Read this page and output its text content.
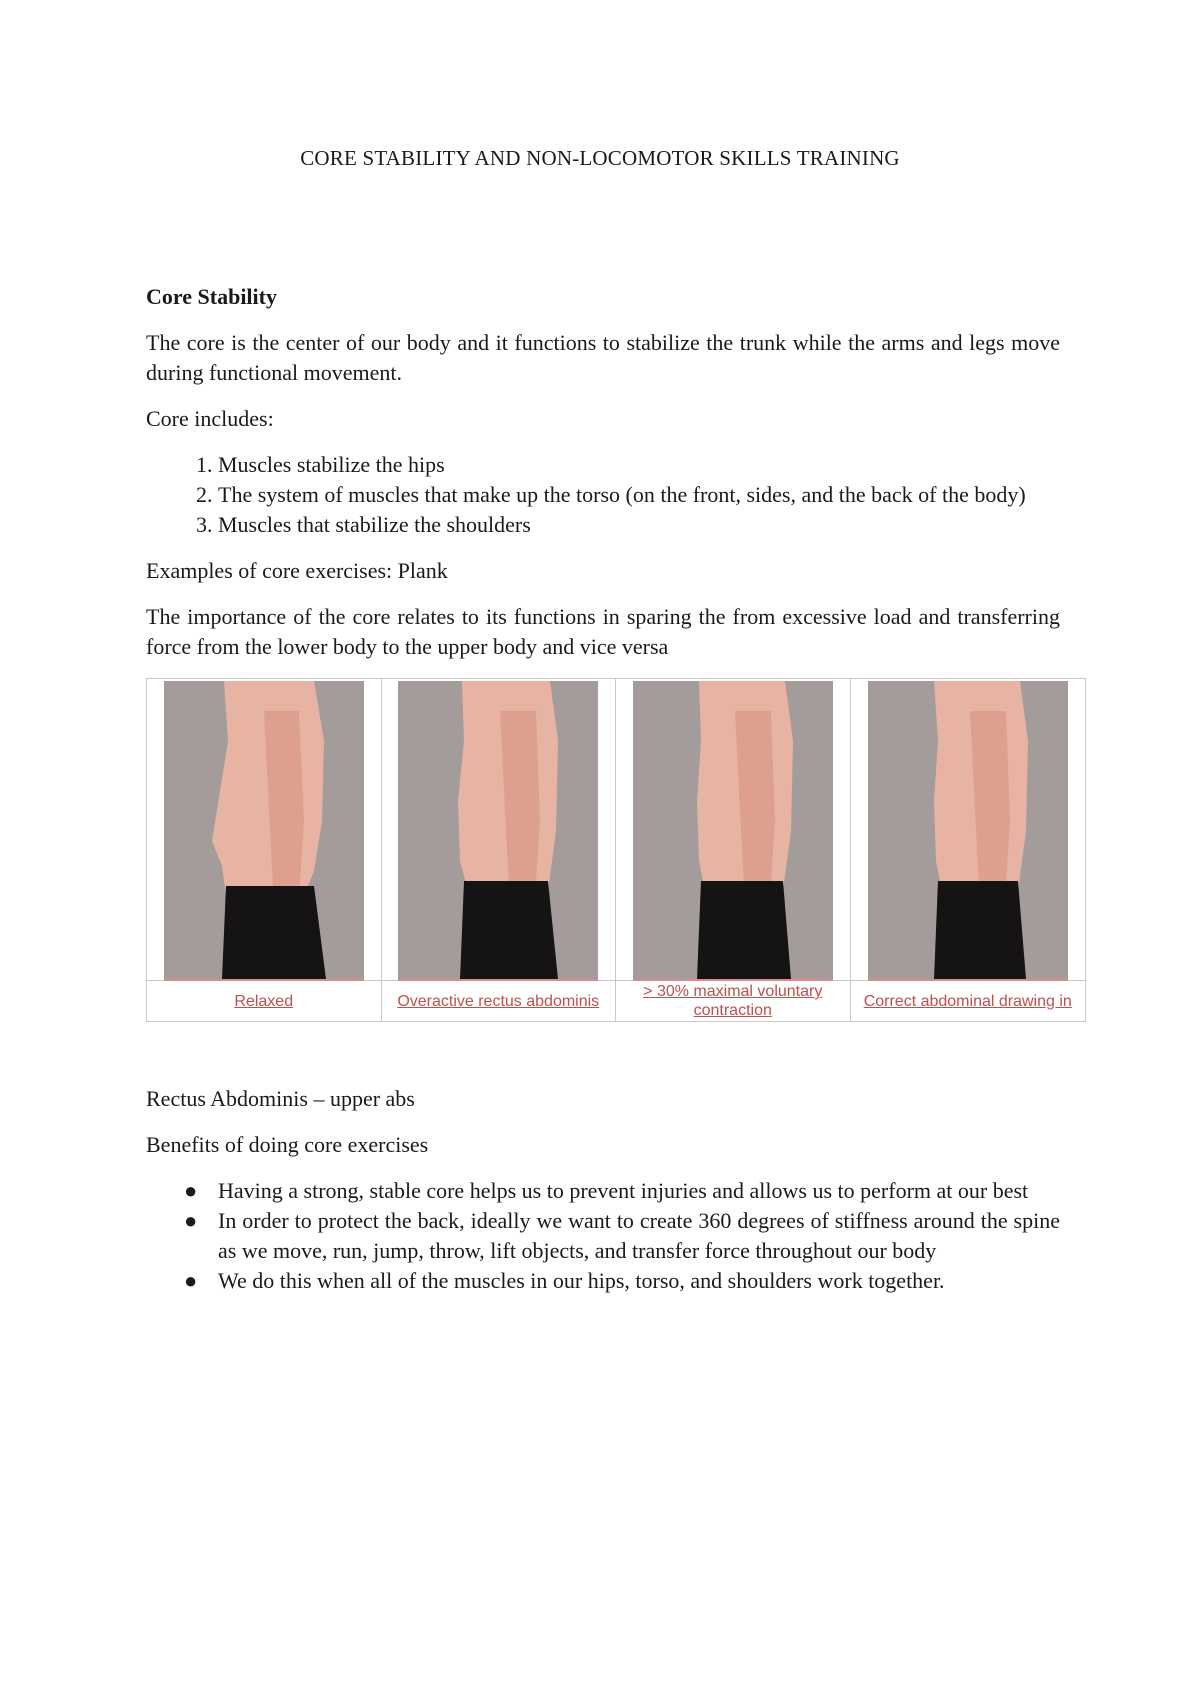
CORE STABILITY AND NON-LOCOMOTOR SKILLS TRAINING
Core Stability

The core is the center of our body and it functions to stabilize the trunk while the arms and legs move during functional movement.

Core includes:

1. Muscles stabilize the hips
2. The system of muscles that make up the torso (on the front, sides, and the back of the body)
3. Muscles that stabilize the shoulders

Examples of core exercises: Plank

The importance of the core relates to its functions in sparing the from excessive load and transferring force from the lower body to the upper body and vice versa

Relaxed	Overactive rectus abdominis
> 30% maximal voluntary contraction
Correct abdominal drawing in

Rectus Abdominis – upper abs

Benefits of doing core exercises

● Having a strong, stable core helps us to prevent injuries and allows us to perform at our best
● In order to protect the back, ideally we want to create 360 degrees of stiffness around the spine as we move, run, jump, throw, lift objects, and transfer force throughout our body
● We do this when all of the muscles in our hips, torso, and shoulders work together.
